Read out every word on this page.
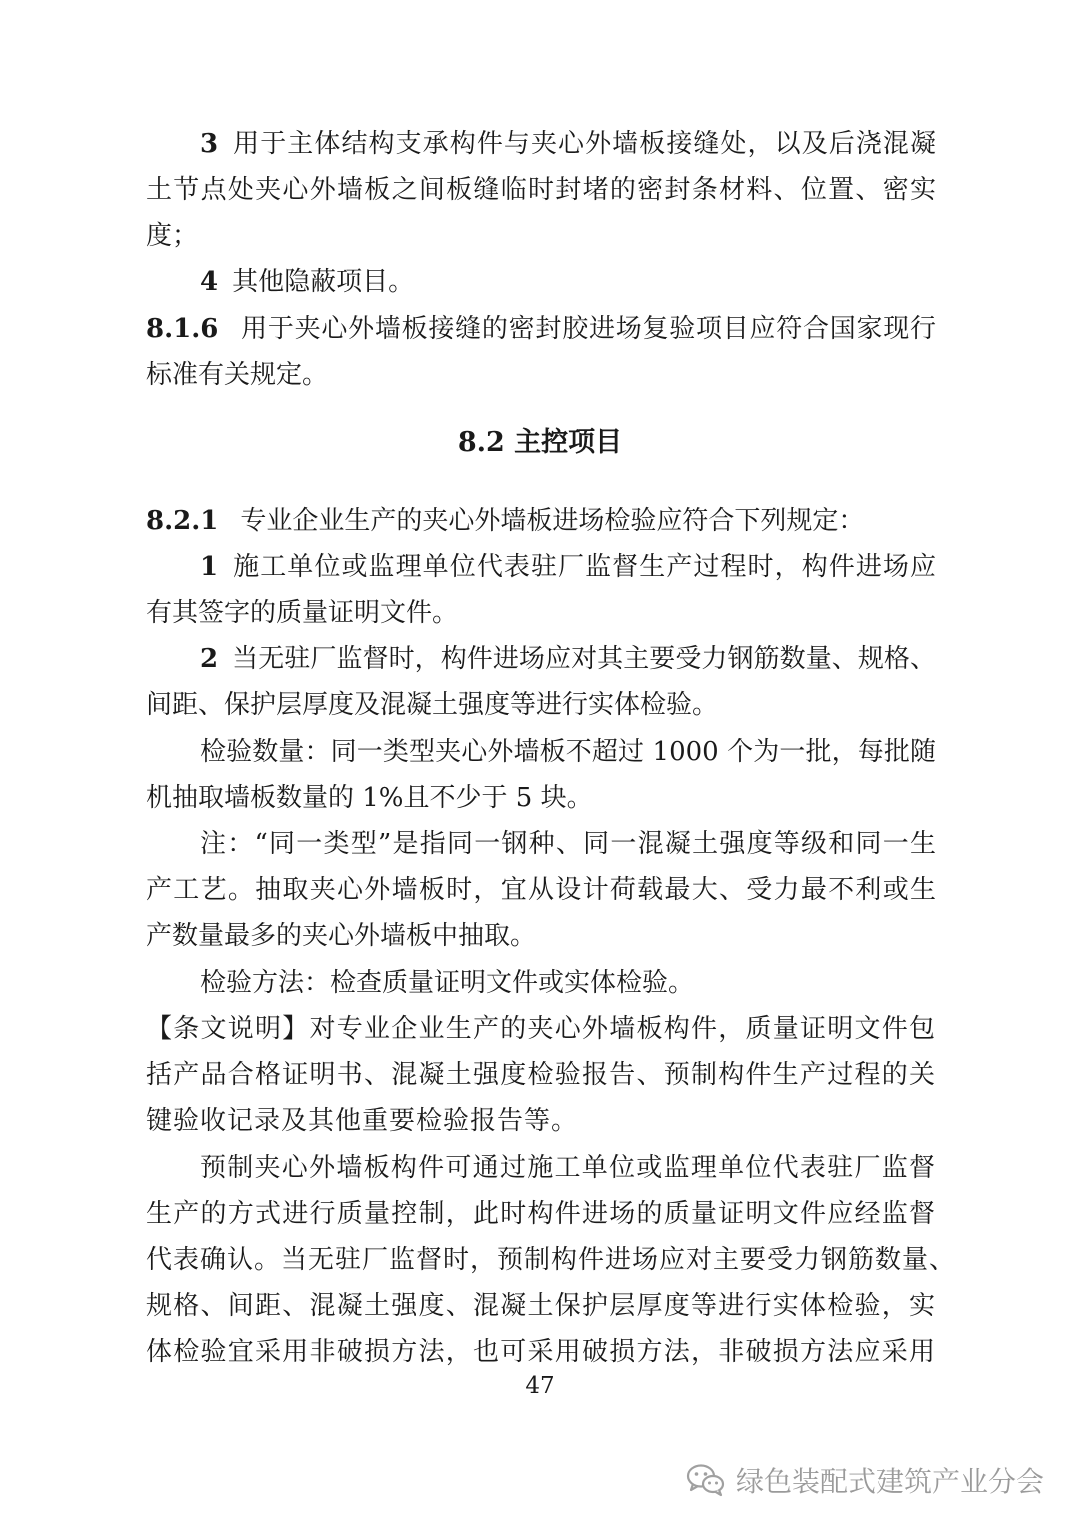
3 用于主体结构支承构件与夹心外墙板接缝处，以及后浇混凝
土节点处夹心外墙板之间板缝临时封堵的密封条材料、位置、密实
度；
4 其他隐蔽项目。
8.1.6 用于夹心外墙板接缝的密封胶进场复验项目应符合国家现行
标准有关规定。
8.2 主控项目
8.2.1 专业企业生产的夹心外墙板进场检验应符合下列规定：
1 施工单位或监理单位代表驻厂监督生产过程时，构件进场应
有其签字的质量证明文件。
2 当无驻厂监督时，构件进场应对其主要受力钢筋数量、规格、
间距、保护层厚度及混凝土强度等进行实体检验。
检验数量：同一类型夹心外墙板不超过 1000 个为一批，每批随
机抽取墙板数量的 1%且不少于 5 块。
注：“同一类型”是指同一钢种、同一混凝土强度等级和同一生
产工艺。抽取夹心外墙板时，宜从设计荷载最大、受力最不利或生
产数量最多的夹心外墙板中抽取。
检验方法：检查质量证明文件或实体检验。
【条文说明】对专业企业生产的夹心外墙板构件，质量证明文件包
括产品合格证明书、混凝土强度检验报告、预制构件生产过程的关
键验收记录及其他重要检验报告等。
预制夹心外墙板构件可通过施工单位或监理单位代表驻厂监督
生产的方式进行质量控制，此时构件进场的质量证明文件应经监督
代表确认。当无驻厂监督时，预制构件进场应对主要受力钢筋数量、
规格、间距、混凝土强度、混凝土保护层厚度等进行实体检验，实
体检验宜采用非破损方法，也可采用破损方法，非破损方法应采用
47
绿色装配式建筑产业分会
